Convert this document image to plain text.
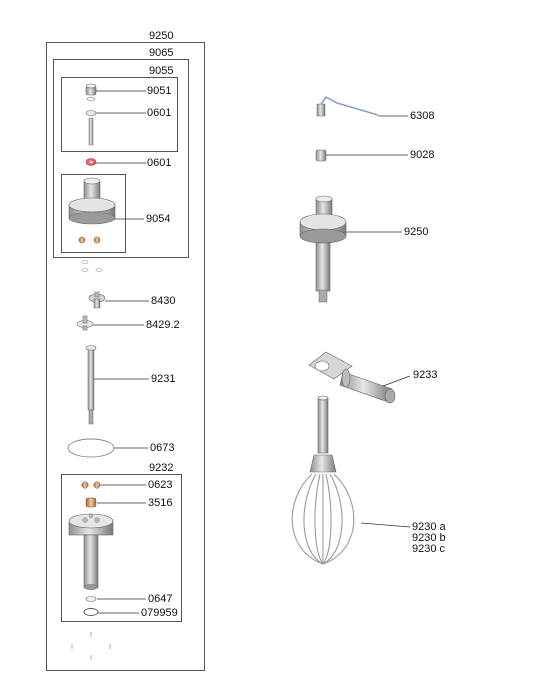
9250
9065
9055
9232
9051
0601
0601
9054
8430
8429.2
9231
0673
0623
3516
0647
079959
6308
9028
9250
9233
9230 a
9230 b
9230 c
